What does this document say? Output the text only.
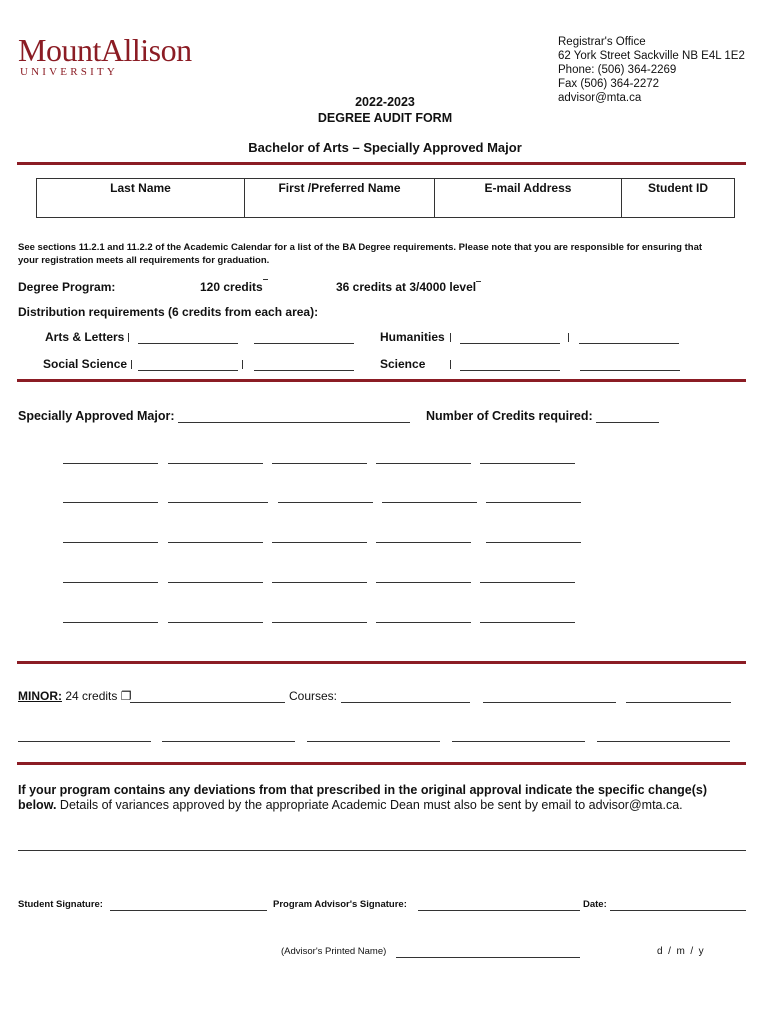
MountAllison
UNIVERSITY
Registrar's Office
62 York Street Sackville NB E4L 1E2
Phone: (506) 364-2269
Fax (506) 364-2272
advisor@mta.ca
2022-2023
DEGREE AUDIT FORM
Bachelor of Arts – Specially Approved Major
Last Name	First /Preferred Name	E-mail Address	Student ID
See sections 11.2.1 and 11.2.2 of the Academic Calendar for a list of the BA Degree requirements. Please note that you are responsible for ensuring that
your registration meets all requirements for graduation.
Degree Program:	120 credits	36 credits at 3/4000 level
Distribution requirements (6 credits from each area):
Arts & Letters	Humanities
Social Science	Science
Specially Approved Major:	Number of Credits required:
MINOR: 24 credits ❐	Courses:
If your program contains any deviations from that prescribed in the original approval indicate the specific change(s)
below. Details of variances approved by the appropriate Academic Dean must also be sent by email to advisor@mta.ca.
Student Signature:	Program Advisor's Signature:	Date:
(Advisor's Printed Name)	d  /  m  /  y
